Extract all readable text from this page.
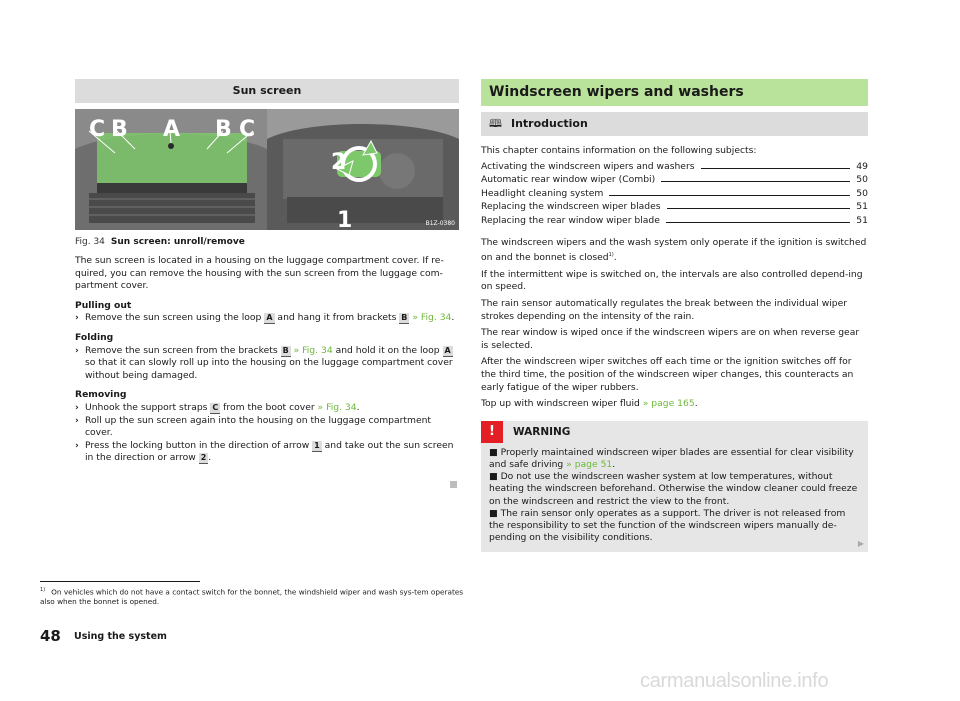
Sun screen
C B A B C
2
1	B1Z-0380
Fig. 34 Sun screen: unroll/remove

The sun screen is located in a housing on the luggage compartment cover. If re-quired, you can remove the housing with the sun screen from the luggage com-partment cover.

Pulling out
› Remove the sun screen using the loop A and hang it from brackets B » Fig. 34.
Folding
› Remove the sun screen from the brackets B » Fig. 34 and hold it on the loop A so that it can slowly roll up into the housing on the luggage compartment cover without being damaged.
Removing
› Unhook the support straps C from the boot cover » Fig. 34.
› Roll up the sun screen again into the housing on the luggage compartment cover.
› Press the locking button in the direction of arrow 1 and take out the sun screen in the direction or arrow 2 .
Windscreen wipers and washers
🕮 Introduction

This chapter contains information on the following subjects:

Activating the windscreen wipers and washers	49
Automatic rear window wiper (Combi)	50
Headlight cleaning system	50
Replacing the windscreen wiper blades	51
Replacing the rear window wiper blade	51

The windscreen wipers and the wash system only operate if the ignition is switched on and the bonnet is closed$^{1)}$.

If the intermittent wipe is switched on, the intervals are also controlled depend-ing on speed.

The rain sensor automatically regulates the break between the individual wiper strokes depending on the intensity of the rain.

The rear window is wiped once if the windscreen wipers are on when reverse gear is selected.

After the windscreen wiper switches off each time or the ignition switches off for the third time, the position of the windscreen wiper changes, this counteracts an early fatigue of the wiper rubbers.

Top up with windscreen wiper fluid » page 165.

!	WARNING

■ Properly maintained windscreen wiper blades are essential for clear visibility and safe driving » page 51.

■ Do not use the windscreen washer system at low temperatures, without heating the windscreen beforehand. Otherwise the window cleaner could freeze on the windscreen and restrict the view to the front.

■ The rain sensor only operates as a support. The driver is not released from the responsibility to set the function of the windscreen wipers manually de-pending on the visibility conditions.

▶
$^{1)}$ On vehicles which do not have a contact switch for the bonnet, the windshield wiper and wash sys-tem operates also when the bonnet is opened.
48 Using the system
carmanualsonline.info
